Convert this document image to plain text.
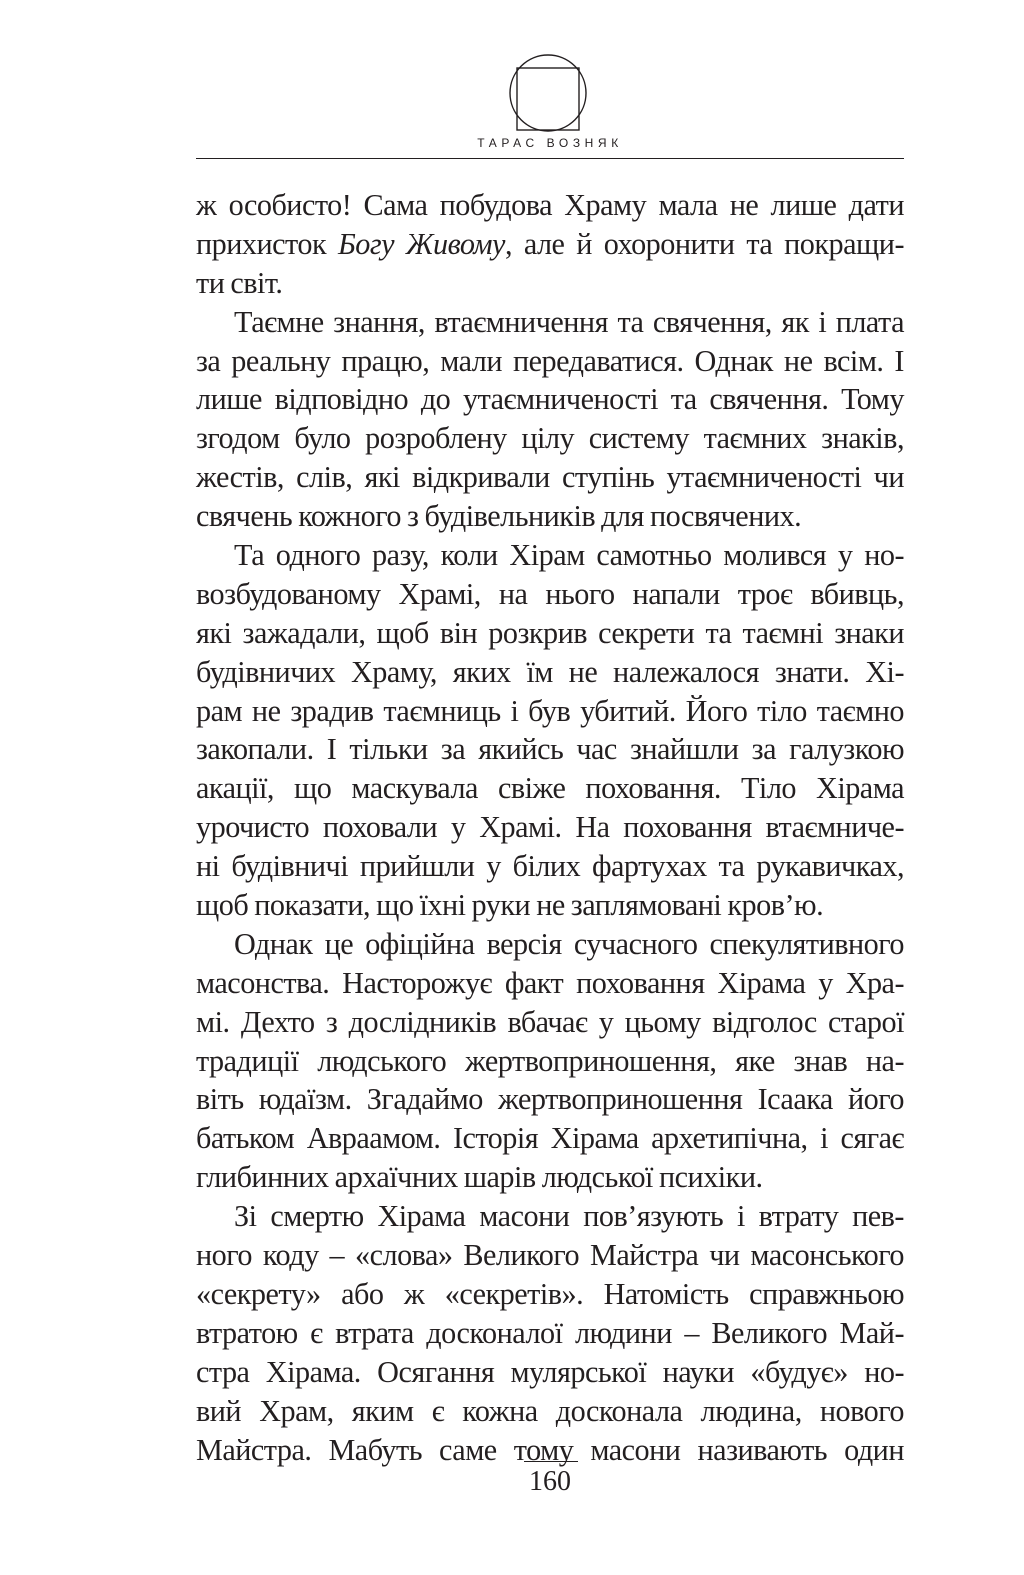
ТАРАС ВОЗНЯК

ж особисто! Сама побудова Храму мала не лише дати
прихисток Богу Живому, але й охоронити та покращи-
ти світ.

Таємне знання, втаємничення та свячення, як і плата
за реальну працю, мали передаватися. Однак не всім. І
лише відповідно до утаємниченості та свячення. Тому
згодом було розроблену цілу систему таємних знаків,
жестів, слів, які відкривали ступінь утаємниченості чи
свячень кожного з будівельників для посвячених.

Та одного разу, коли Хірам самотньо молився у но-
возбудованому Храмі, на нього напали троє вбивць,
які зажадали, щоб він розкрив секрети та таємні знаки
будівничих Храму, яких їм не належалося знати. Хі-
рам не зрадив таємниць і був убитий. Його тіло таємно
закопали. І тільки за якийсь час знайшли за галузкою
акації, що маскувала свіже поховання. Тіло Хірама
урочисто поховали у Храмі. На поховання втаємниче-
ні будівничі прийшли у білих фартухах та рукавичках,
щоб показати, що їхні руки не заплямовані кров’ю.

Однак це офіційна версія сучасного спекулятивного
масонства. Насторожує факт поховання Хірама у Хра-
мі. Дехто з дослідників вбачає у цьому відголос старої
традиції людського жертвоприношення, яке знав на-
віть юдаїзм. Згадаймо жертвоприношення Ісаака його
батьком Авраамом. Історія Хірама архетипічна, і сягає
глибинних архаїчних шарів людської психіки.

Зі смертю Хірама масони пов’язують і втрату пев-
ного коду – «слова» Великого Майстра чи масонського
«секрету» або ж «секретів». Натомість справжньою
втратою є втрата досконалої людини – Великого Май-
стра Хірама. Осягання мулярської науки «будує» но-
вий Храм, яким є кожна досконала людина, нового
Майстра. Мабуть саме тому масони називають один

160
